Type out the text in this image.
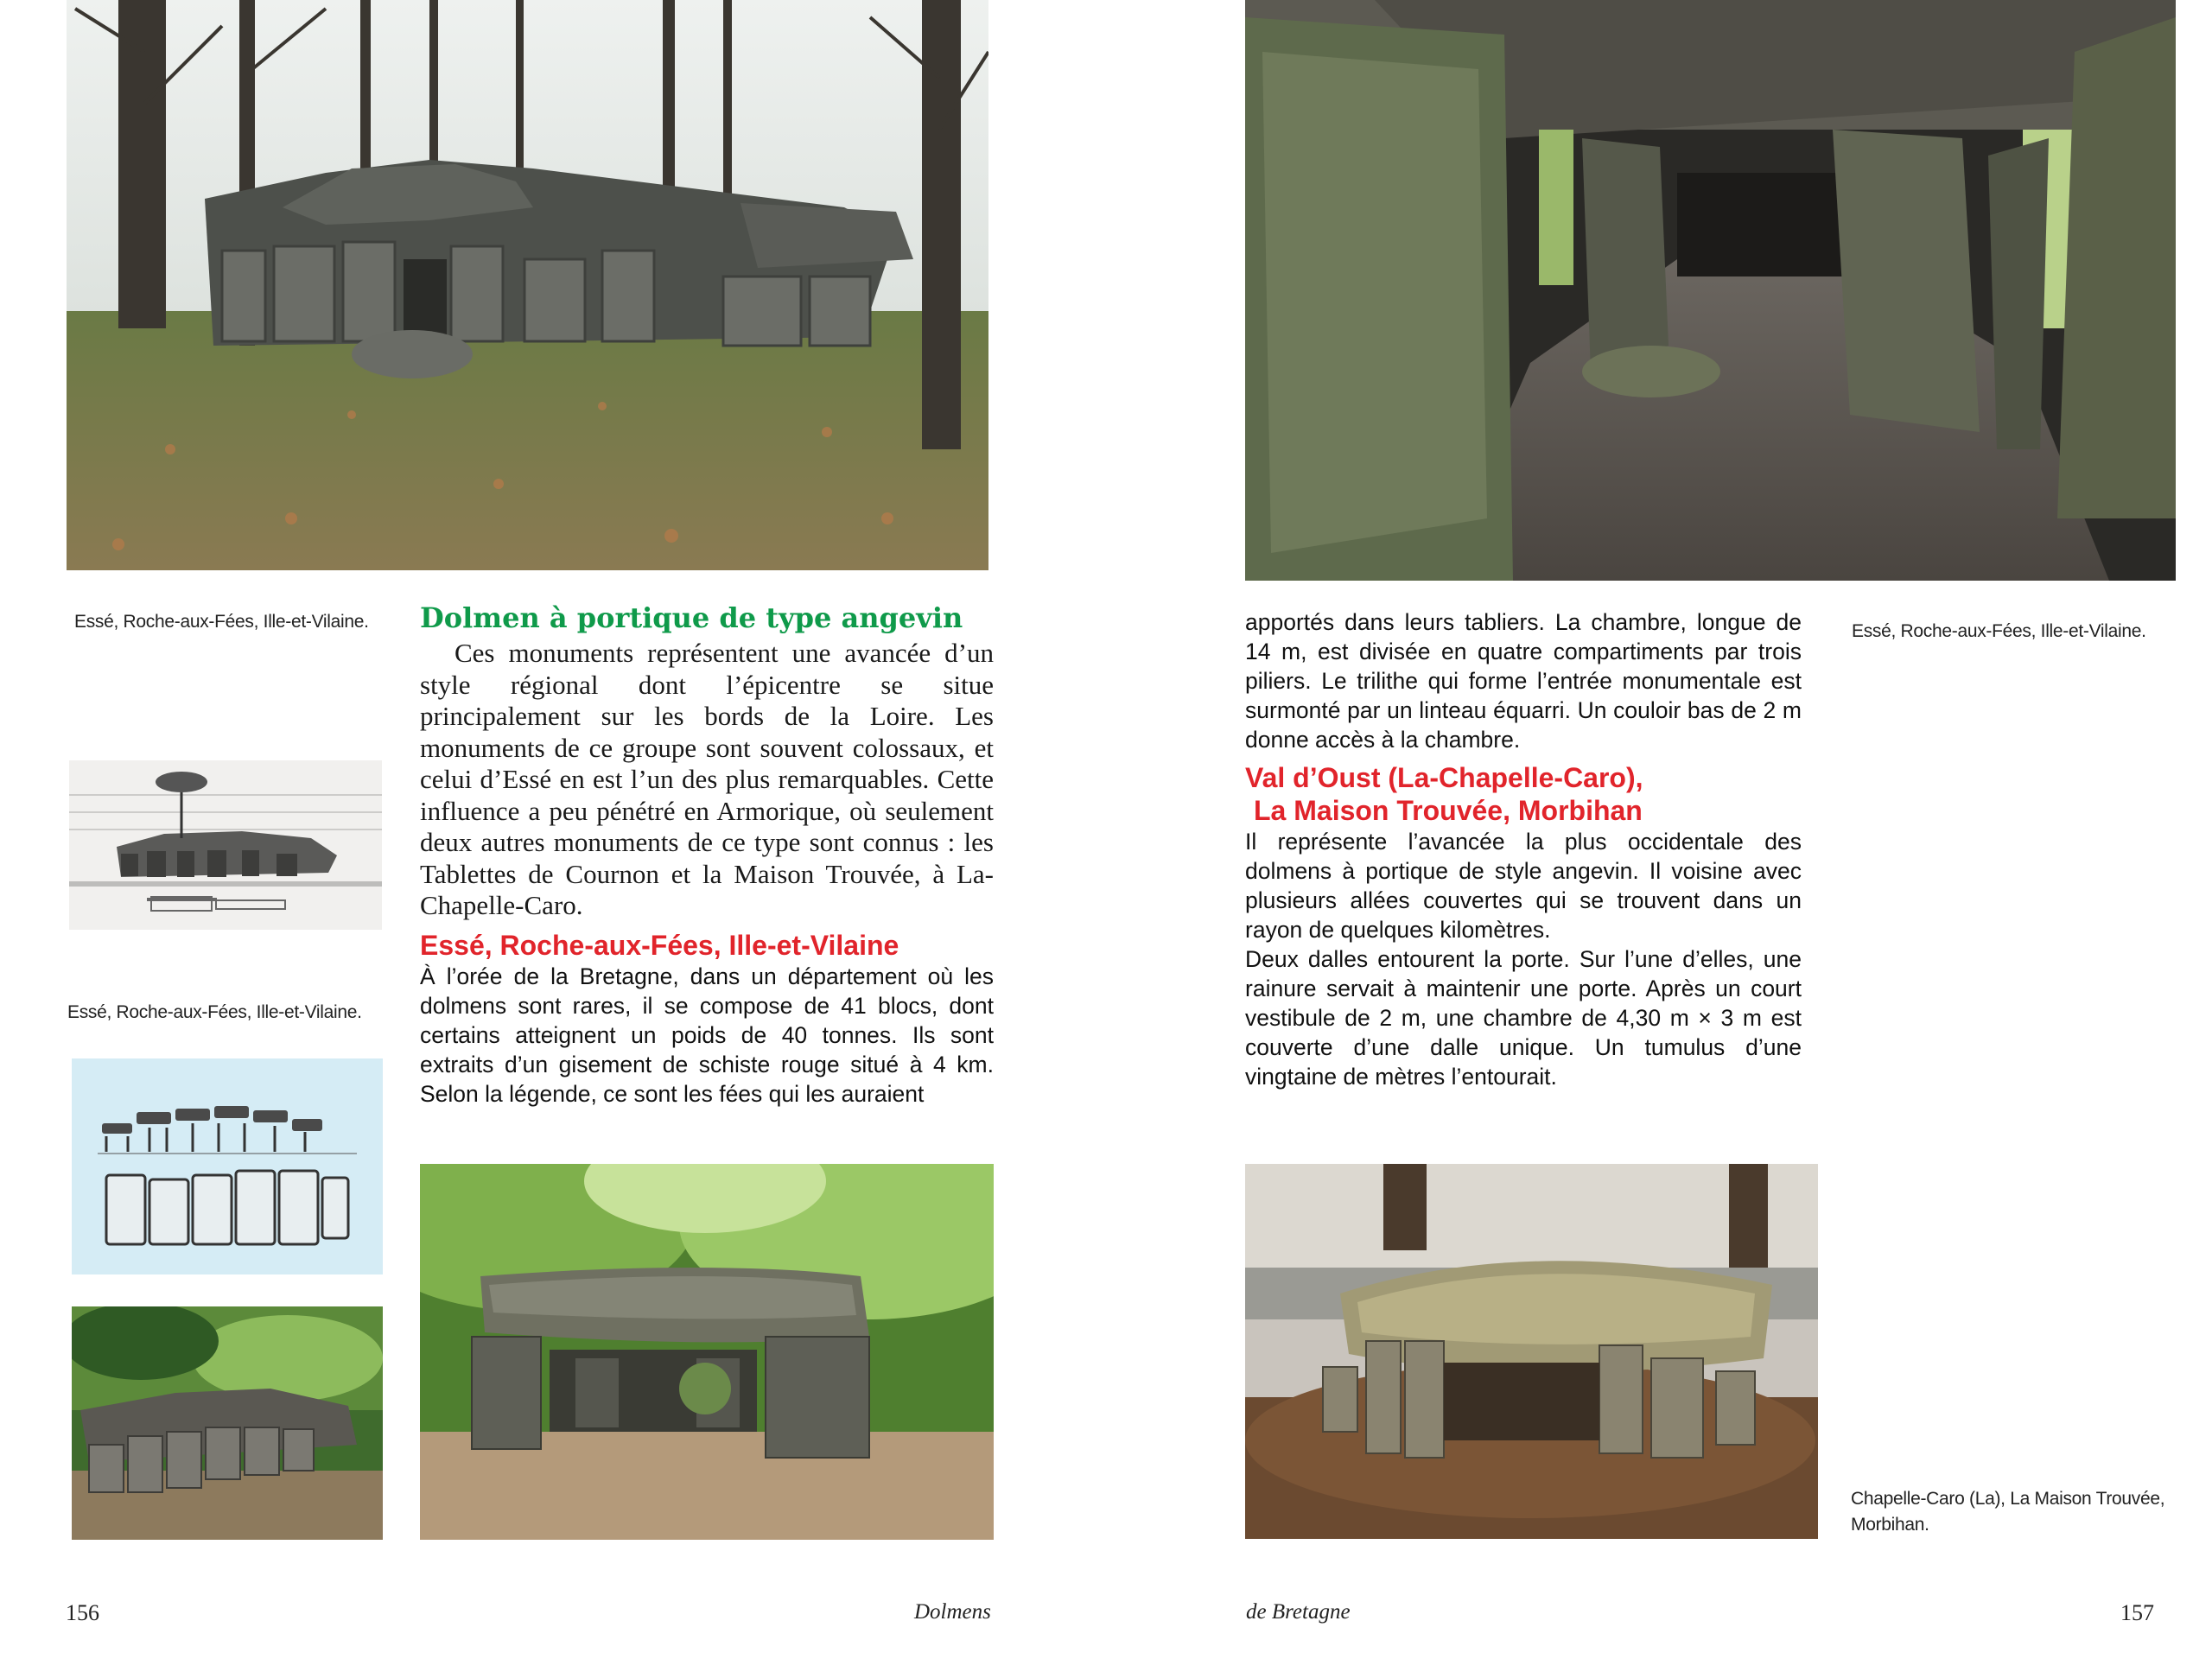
Essé, Roche-aux-Fées, Ille-et-Vilaine.
Essé, Roche-aux-Fées, Ille-et-Vilaine.
Dolmen à portique de type angevin

Ces monuments représentent une avancée d’un style régional dont l’épicentre se situe principalement sur les bords de la Loire. Les monuments de ce groupe sont souvent colossaux, et celui d’Essé en est l’un des plus remarquables. Cette influence a peu pénétré en Armorique, où seulement deux autres monuments de ce type sont connus : les Tablettes de Cournon et la Maison Trouvée, à La-Chapelle-Caro.

Essé, Roche-aux-Fées, Ille-et-Vilaine

À l’orée de la Bretagne, dans un département où les dolmens sont rares, il se compose de 41 blocs, dont certains atteignent un poids de 40 tonnes. Ils sont extraits d’un gisement de schiste rouge situé à 4 km. Selon la légende, ce sont les fées qui les auraient

156	Dolmens
Essé, Roche-aux-Fées, Ille-et-Vilaine.

apportés dans leurs tabliers. La chambre, longue de 14 m, est divisée en quatre compartiments par trois piliers. Le trilithe qui forme l’entrée monumentale est surmonté par un linteau équarri. Un couloir bas de 2 m donne accès à la chambre.

Val d’Oust (La-Chapelle-Caro),
La Maison Trouvée, Morbihan

Il représente l’avancée la plus occidentale des dolmens à portique de style angevin. Il voisine avec plusieurs allées couvertes qui se trouvent dans un rayon de quelques kilomètres.

Deux dalles entourent la porte. Sur l’une d’elles, une rainure servait à maintenir une porte. Après un court vestibule de 2 m, une chambre de 4,30 m × 3 m est couverte d’une dalle unique. Un tumulus d’une vingtaine de mètres l’entourait.

Chapelle-Caro (La), La Maison Trouvée, Morbihan.
de Bretagne	157
